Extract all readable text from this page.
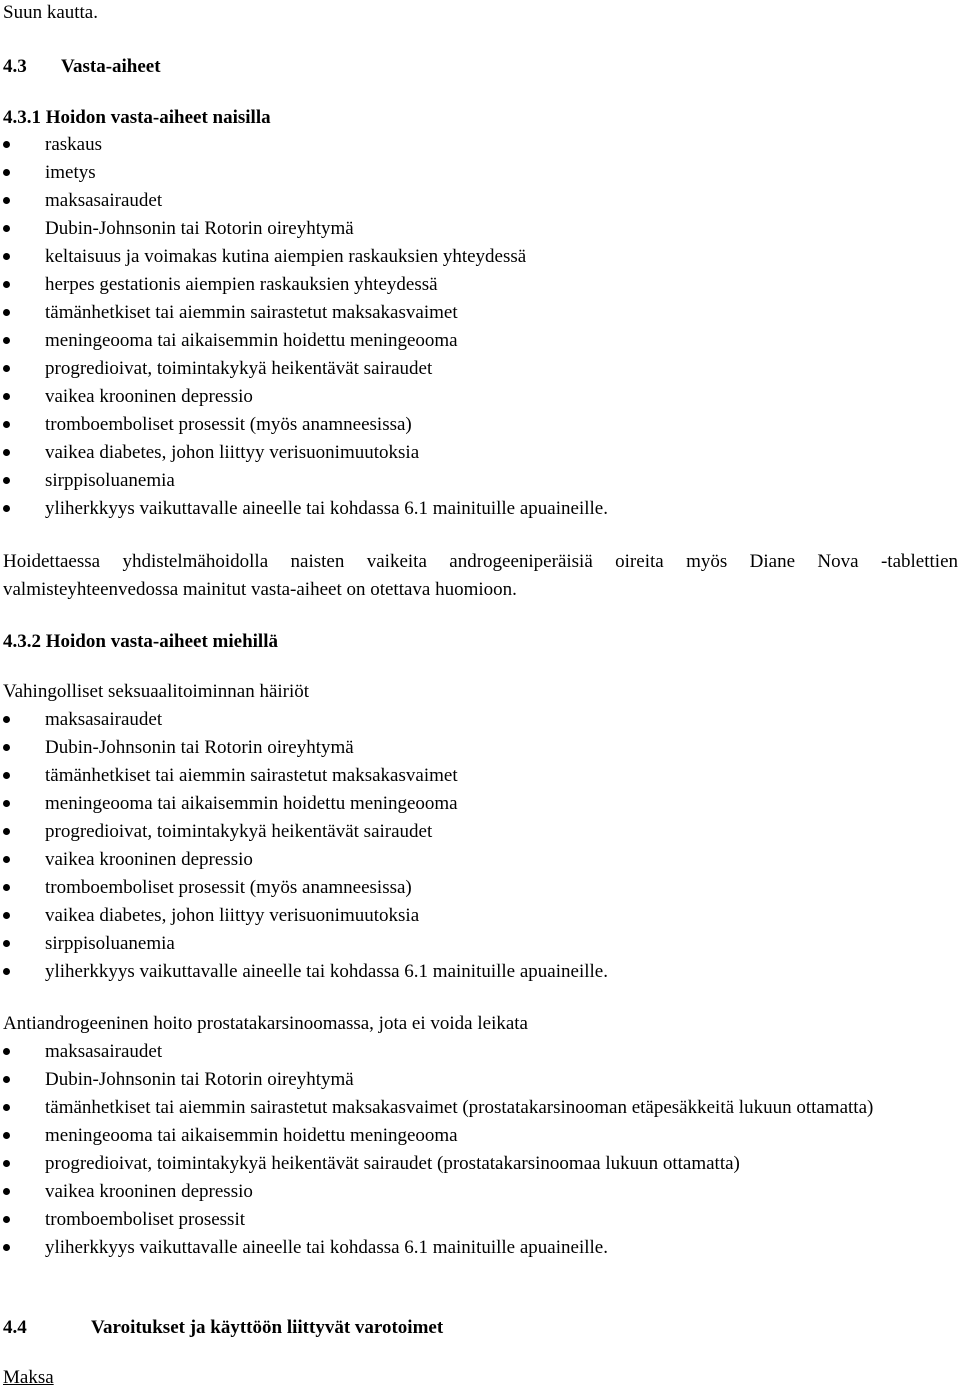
Suun kautta.
4.3 Vasta-aiheet
4.3.1 Hoidon vasta-aiheet naisilla
raskaus
imetys
maksasairaudet
Dubin-Johnsonin tai Rotorin oireyhtymä
keltaisuus ja voimakas kutina aiempien raskauksien yhteydessä
herpes gestationis aiempien raskauksien yhteydessä
tämänhetkiset tai aiemmin sairastetut maksakasvaimet
meningeooma tai aikaisemmin hoidettu meningeooma
progredioivat, toimintakykyä heikentävät sairaudet
vaikea krooninen depressio
tromboemboliset prosessit (myös anamneesissa)
vaikea diabetes, johon liittyy verisuonimuutoksia
sirppisoluanemia
yliherkkyys vaikuttavalle aineelle tai kohdassa 6.1 mainituille apuaineille.

Hoidettaessa yhdistelmähoidolla naisten vaikeita androgeeniperäisiä oireita myös Diane Nova -tablettien valmisteyhteenvedossa mainitut vasta-aiheet on otettava huomioon.

4.3.2 Hoidon vasta-aiheet miehillä
Vahingolliset seksuaalitoiminnan häiriöt
maksasairaudet
Dubin-Johnsonin tai Rotorin oireyhtymä
tämänhetkiset tai aiemmin sairastetut maksakasvaimet
meningeooma tai aikaisemmin hoidettu meningeooma
progredioivat, toimintakykyä heikentävät sairaudet
vaikea krooninen depressio
tromboemboliset prosessit (myös anamneesissa)
vaikea diabetes, johon liittyy verisuonimuutoksia
sirppisoluanemia
yliherkkyys vaikuttavalle aineelle tai kohdassa 6.1 mainituille apuaineille.
Antiandrogeeninen hoito prostatakarsinoomassa, jota ei voida leikata
maksasairaudet
Dubin-Johnsonin tai Rotorin oireyhtymä
tämänhetkiset tai aiemmin sairastetut maksakasvaimet (prostatakarsinooman etäpesäkkeitä lukuun ottamatta)
meningeooma tai aikaisemmin hoidettu meningeooma
progredioivat, toimintakykyä heikentävät sairaudet (prostatakarsinoomaa lukuun ottamatta)
vaikea krooninen depressio
tromboemboliset prosessit
yliherkkyys vaikuttavalle aineelle tai kohdassa 6.1 mainituille apuaineille.
4.4	Varoitukset ja käyttöön liittyvät varotoimet
Maksa
